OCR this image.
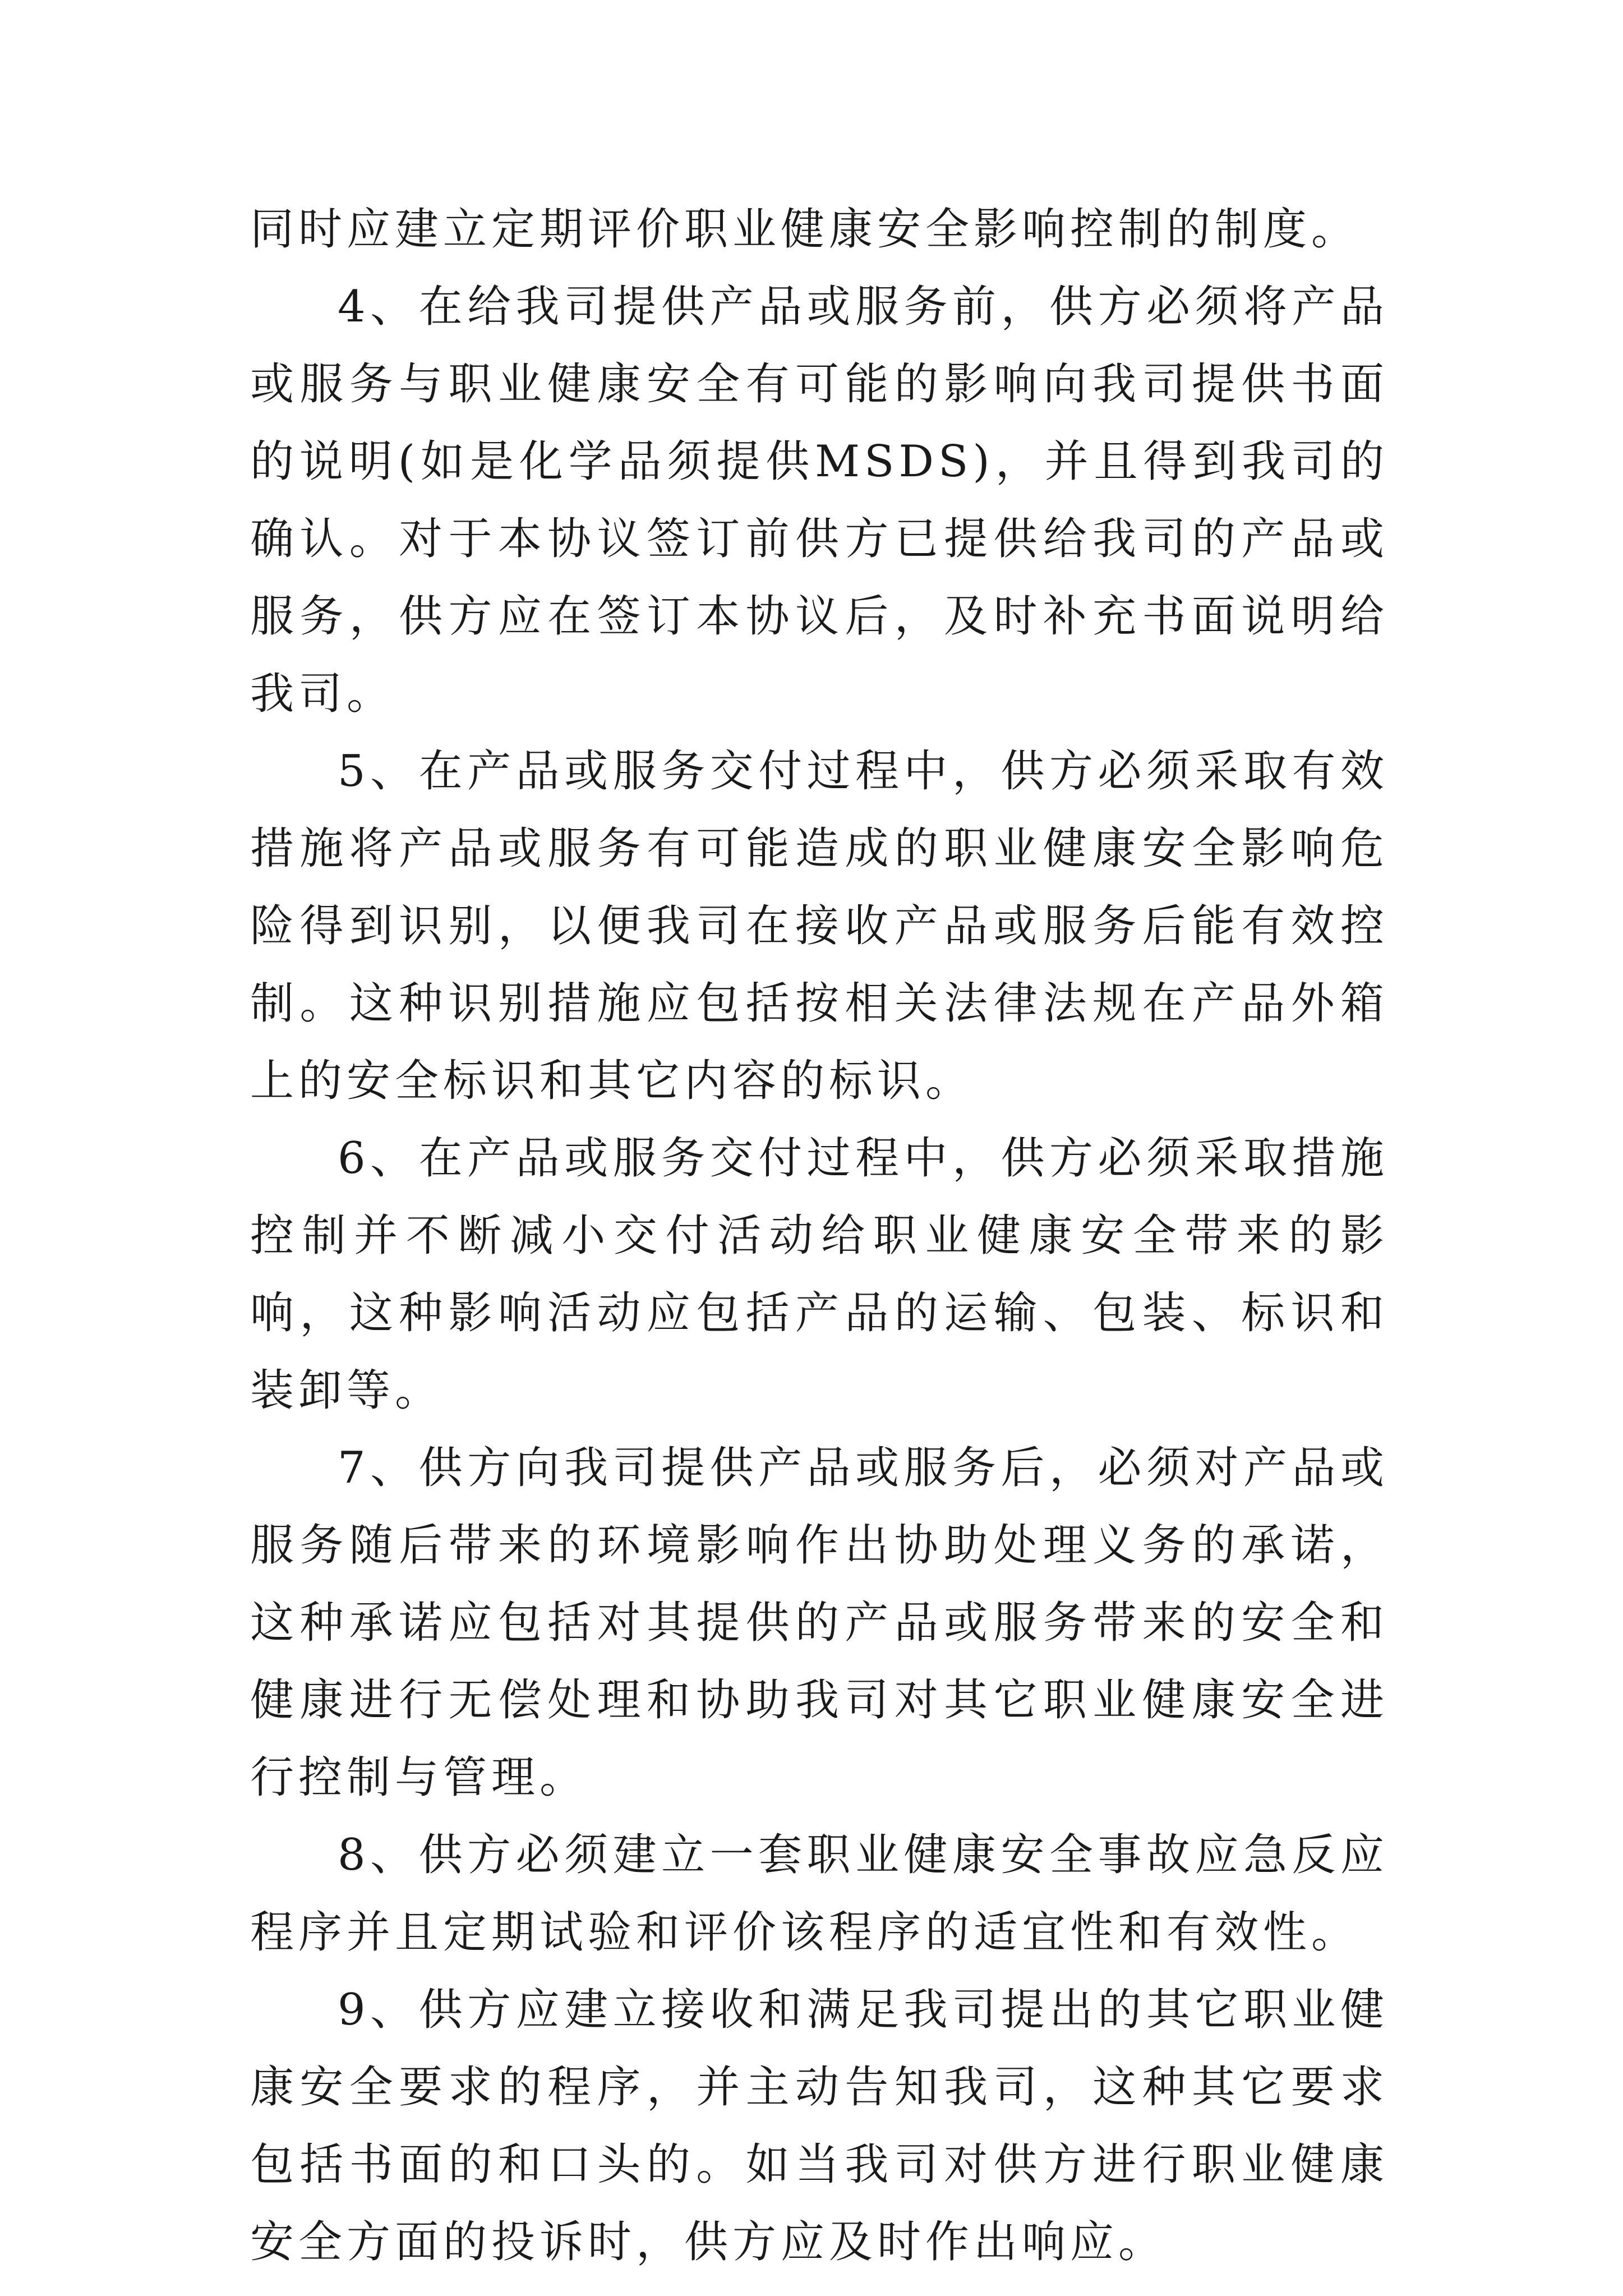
同时应建立定期评价职业健康安全影响控制的制度。

4、在给我司提供产品或服务前，供方必须将产品或服务与职业健康安全有可能的影响向我司提供书面的说明(如是化学品须提供MSDS)，并且得到我司的确认。对于本协议签订前供方已提供给我司的产品或服务，供方应在签订本协议后，及时补充书面说明给我司。

5、在产品或服务交付过程中，供方必须采取有效措施将产品或服务有可能造成的职业健康安全影响危险得到识别，以便我司在接收产品或服务后能有效控制。这种识别措施应包括按相关法律法规在产品外箱上的安全标识和其它内容的标识。

6、在产品或服务交付过程中，供方必须采取措施控制并不断减小交付活动给职业健康安全带来的影响，这种影响活动应包括产品的运输、包装、标识和装卸等。

7、供方向我司提供产品或服务后，必须对产品或服务随后带来的环境影响作出协助处理义务的承诺，这种承诺应包括对其提供的产品或服务带来的安全和健康进行无偿处理和协助我司对其它职业健康安全进行控制与管理。

8、供方必须建立一套职业健康安全事故应急反应程序并且定期试验和评价该程序的适宜性和有效性。

9、供方应建立接收和满足我司提出的其它职业健康安全要求的程序，并主动告知我司，这种其它要求包括书面的和口头的。如当我司对供方进行职业健康安全方面的投诉时，供方应及时作出响应。
